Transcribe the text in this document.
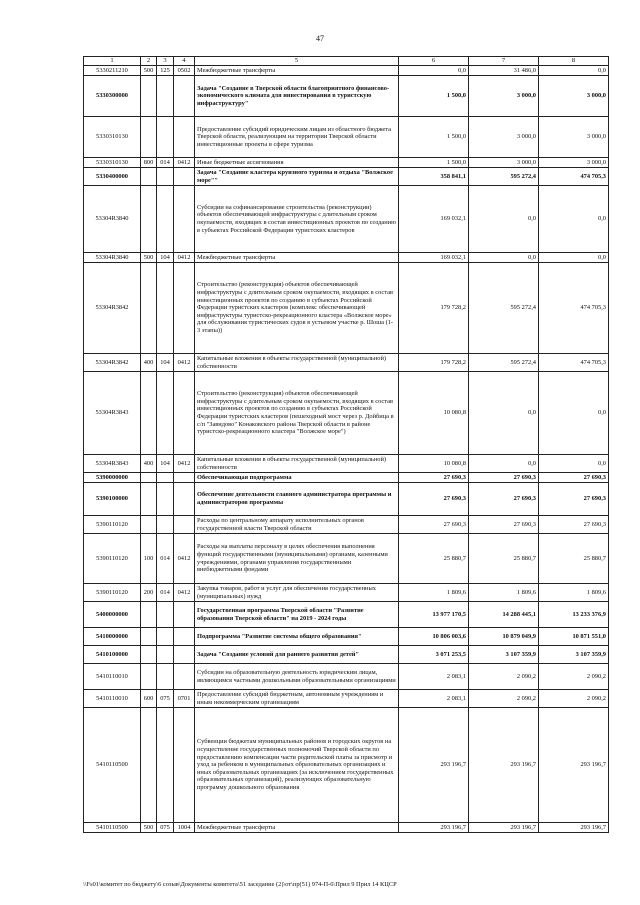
47
1	2	3	4	5	6	7	8
5330211210	500	125	0502	Межбюджетные трансферты	0,0	31 486,0	0,0
5330300000				Задача "Создание в Тверской области благоприятного финансово-экономического климата для инвестирования в туристскую инфраструктуру"	1 500,0	3 000,0	3 000,0
5330310130				Предоставление субсидий юридическим лицам из областного бюджета Тверской области, реализующим на территории Тверской области инвестиционные проекты в сфере туризма	1 500,0	3 000,0	3 000,0
5330310130	800	014	0412	Иные бюджетные ассигнования	1 500,0	3 000,0	3 000,0
5330400000				Задача "Создание кластера круизного туризма и отдыха "Волжское море""	358 841,1	595 272,4	474 705,3
53304R3840				Субсидии на софинансирование строительства (реконструкции) объектов обеспечивающей инфраструктуры с длительным сроком окупаемости, входящих в состав инвестиционных проектов по созданию в субъектах Российской Федерации туристских кластеров	169 032,1	0,0	0,0
53304R3840	500	104	0412	Межбюджетные трансферты	169 032,1	0,0	0,0
53304R3842				Строительство (реконструкция) объектов обеспечивающей инфраструктуры с длительным сроком окупаемости, входящих в состав инвестиционных проектов по созданию в субъектах Российской Федерации туристских кластеров (комплекс обеспечивающей инфраструктуры туристско-рекреационного кластера «Волжское море» для обслуживания туристических судов в устьевом участке р. Шоша (1-3 этапы))	179 728,2	595 272,4	474 705,3
53304R3842	400	104	0412	Капитальные вложения в объекты государственной (муниципальной) собственности	179 728,2	595 272,4	474 705,3
53304R3843				Строительство (реконструкция) объектов обеспечивающей инфраструктуры с длительным сроком окупаемости, входящих в состав инвестиционных проектов по созданию в субъектах Российской Федерации туристских кластеров (пешеходный мост через р. Дойбица в с/п "Завидово" Конаковского района Тверской области в районе туристско-рекреационного кластера "Волжское море")	10 080,8	0,0	0,0
53304R3843	400	104	0412	Капитальные вложения в объекты государственной (муниципальной) собственности	10 080,8	0,0	0,0
5390000000				Обеспечивающая подпрограмма	27 690,3	27 690,3	27 690,3
5390100000				Обеспечение деятельности главного администратора программы и администраторов программы	27 690,3	27 690,3	27 690,3
5390110120				Расходы по центральному аппарату исполнительных органов государственной власти Тверской области	27 690,3	27 690,3	27 690,3
5390110120	100	014	0412	Расходы на выплаты персоналу в целях обеспечения выполнения функций государственными (муниципальными) органами, казенными учреждениями, органами управления государственными внебюджетными фондами	25 880,7	25 880,7	25 880,7
5390110120	200	014	0412	Закупка товаров, работ и услуг для обеспечения государственных (муниципальных) нужд	1 809,6	1 809,6	1 809,6
5400000000				Государственная программа Тверской области "Развитие образования Тверской области" на 2019 - 2024 годы	13 977 170,5	14 288 445,1	13 233 376,9
5410000000				Подпрограмма "Развитие системы общего образования"	10 806 003,6	10 879 049,9	10 871 551,0
5410100000				Задача "Создание условий для раннего развития детей"	3 071 253,5	3 107 359,9	3 107 359,9
5410110010				Субсидии на образовательную деятельность юридическим лицам, являющимся частными дошкольными образовательными организациями	2 083,1	2 090,2	2 090,2
5410110010	600	075	0701	Предоставление субсидий бюджетным, автономным учреждениям и иным некоммерческим организациям	2 083,1	2 090,2	2 090,2
5410110500				Субвенции бюджетам муниципальных районов и городских округов на осуществление государственных полномочий Тверской области по предоставлению компенсации части родительской платы за присмотр и уход за ребенком в муниципальных образовательных организациях и иных образовательных организациях (за исключением государственных образовательных организаций), реализующих образовательную программу дошкольного образования	293 196,7	293 196,7	293 196,7
5410110500	500	075	1004	Межбюджетные трансферты	293 196,7	293 196,7	293 196,7
\\Fs01\комитет по бюджету\6 созыв\Документы комитета\51 заседание (2)\от\пр(51) 974-П-6\Прил 9 Прил 14 КЦСР
